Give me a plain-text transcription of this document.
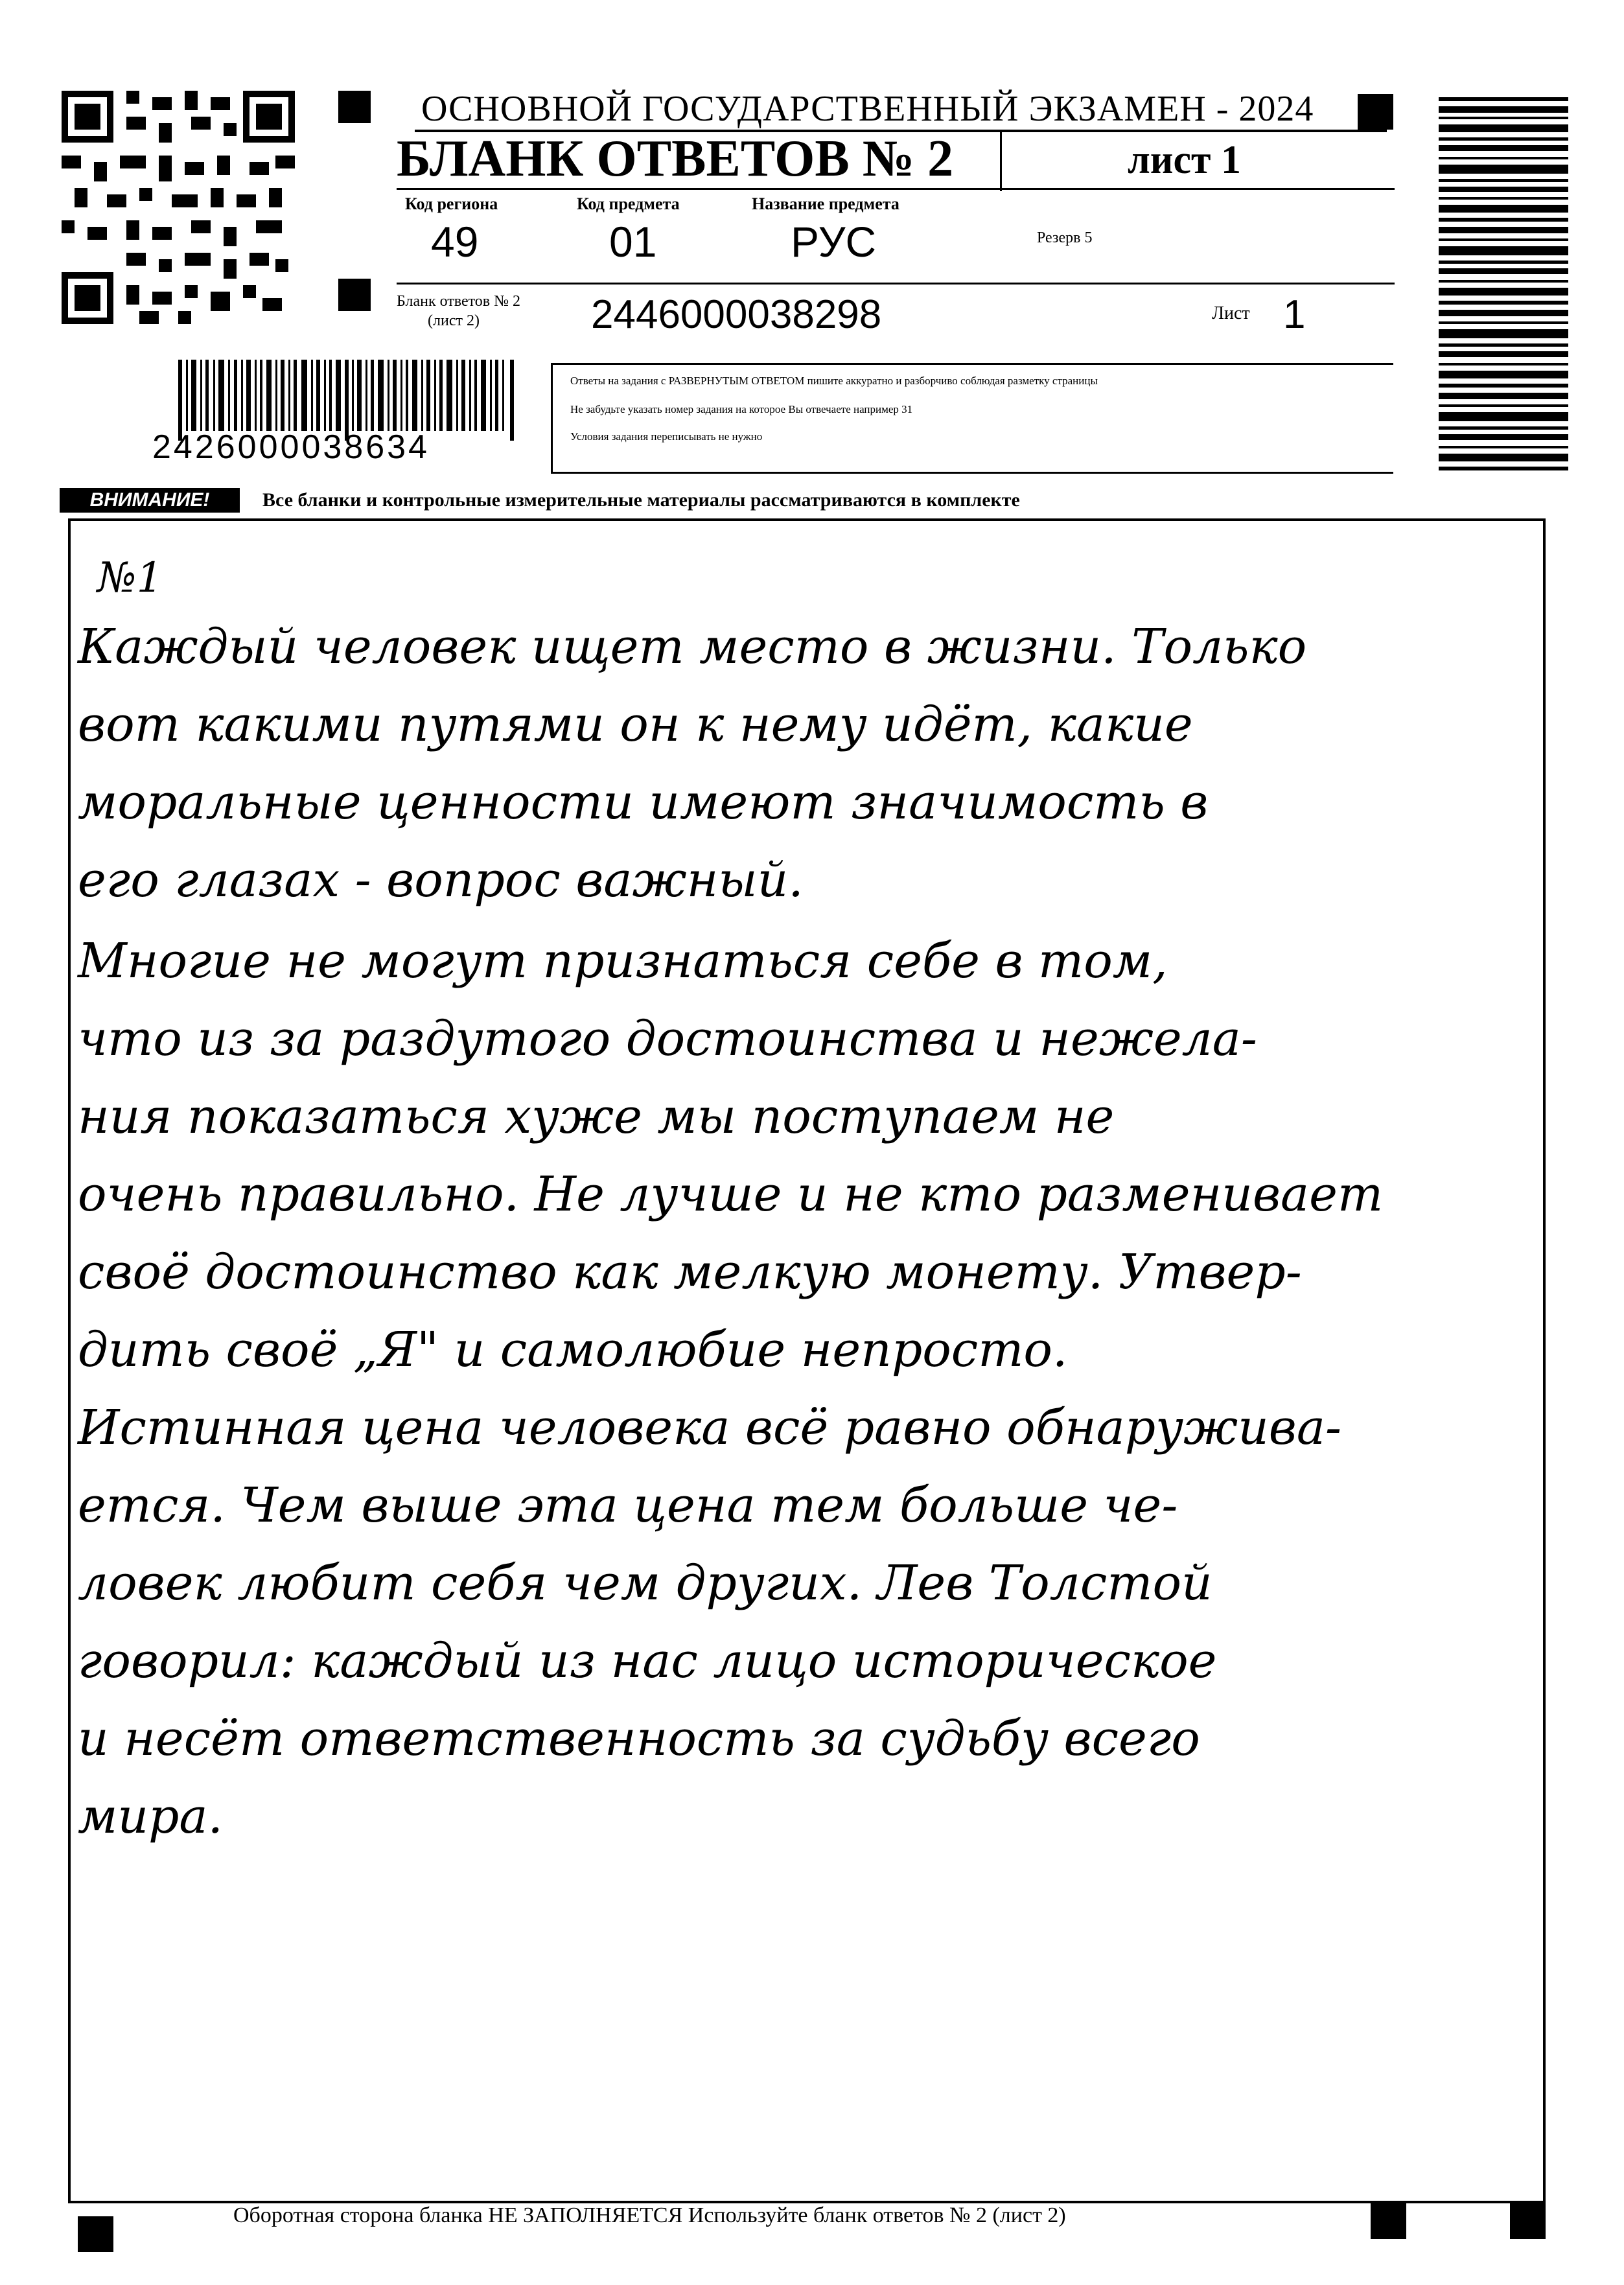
ОСНОВНОЙ ГОСУДАРСТВЕННЫЙ ЭКЗАМЕН - 2024
БЛАНК ОТВЕТОВ № 2	лист 1
Код региона	Код предмета	Название предмета
49	01	РУС	Резерв 5
Бланк ответов № 2
(лист 2)	2446000038298	Лист 1
2426000038634
Ответы на задания с РАЗВЕРНУТЫМ ОТВЕТОМ пишите аккуратно и разборчиво соблюдая разметку страницы
Не забудьте указать номер задания на которое Вы отвечаете например 31
Условия задания переписывать не нужно
ВНИМАНИЕ!	Все бланки и контрольные измерительные материалы рассматриваются в комплекте
№1
Каждый человек ищет место в жизни. Только
вот какими путями он к нему идёт, какие
моральные ценности имеют значимость в
его глазах - вопрос важный.
Многие не могут признаться себе в том,
что из за раздутого достоинства и нежела-
ния показаться хуже мы поступаем не
очень правильно. Не лучше и не кто разменивает
своё достоинство как мелкую монету. Утвер-
дить своё „Я" и самолюбие непросто.
Истинная цена человека всё равно обнаружива-
ется. Чем выше эта цена тем больше че-
ловек любит себя чем других. Лев Толстой
говорил: каждый из нас лицо историческое
и несёт ответственность за судьбу всего
мира.
Оборотная сторона бланка НЕ ЗАПОЛНЯЕТСЯ Используйте бланк ответов № 2 (лист 2)
